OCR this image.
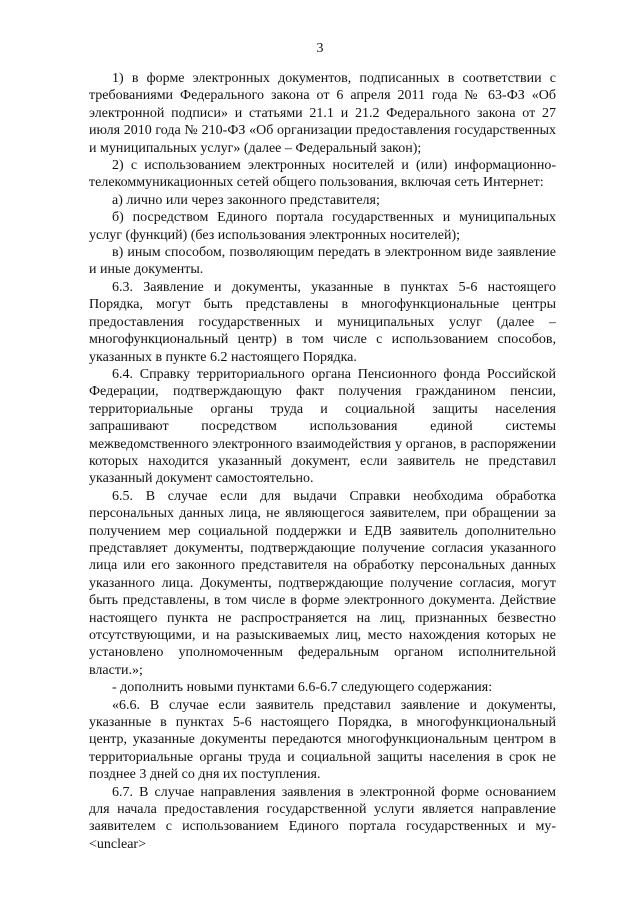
3

1) в форме электронных документов, подписанных в соответствии с требованиями Федерального закона от 6 апреля 2011 года № 63-ФЗ «Об электронной подписи» и статьями 21.1 и 21.2 Федерального закона от 27 июля 2010 года № 210-ФЗ «Об организации предоставления государственных и муниципальных услуг» (далее – Федеральный закон);

2) с использованием электронных носителей и (или) информационно-телекоммуникационных сетей общего пользования, включая сеть Интернет:

а) лично или через законного представителя;

б) посредством Единого портала государственных и муниципальных услуг (функций) (без использования электронных носителей);

в) иным способом, позволяющим передать в электронном виде заявление и иные документы.

6.3. Заявление и документы, указанные в пунктах 5-6 настоящего Порядка, могут быть представлены в многофункциональные центры предоставления государственных и муниципальных услуг (далее – многофункциональный центр) в том числе с использованием способов, указанных в пункте 6.2 настоящего Порядка.

6.4. Справку территориального органа Пенсионного фонда Российской Федерации, подтверждающую факт получения гражданином пенсии, территориальные органы труда и социальной защиты населения запрашивают посредством использования единой системы межведомственного электронного взаимодействия у органов, в распоряжении которых находится указанный документ, если заявитель не представил указанный документ самостоятельно.

6.5. В случае если для выдачи Справки необходима обработка персональных данных лица, не являющегося заявителем, при обращении за получением мер социальной поддержки и ЕДВ заявитель дополнительно представляет документы, подтверждающие получение согласия указанного лица или его законного представителя на обработку персональных данных указанного лица. Документы, подтверждающие получение согласия, могут быть представлены, в том числе в форме электронного документа. Действие настоящего пункта не распространяется на лиц, признанных безвестно отсутствующими, и на разыскиваемых лиц, место нахождения которых не установлено уполномоченным федеральным органом исполнительной власти.»;

- дополнить новыми пунктами 6.6-6.7 следующего содержания:

«6.6. В случае если заявитель представил заявление и документы, указанные в пунктах 5-6 настоящего Порядка, в многофункциональный центр, указанные документы передаются многофункциональным центром в территориальные органы труда и социальной защиты населения в срок не позднее 3 дней со дня их поступления.

6.7. В случае направления заявления в электронной форме основанием для начала предоставления государственной услуги является направление заявителем с использованием Единого портала государственных и му-<unclear>
